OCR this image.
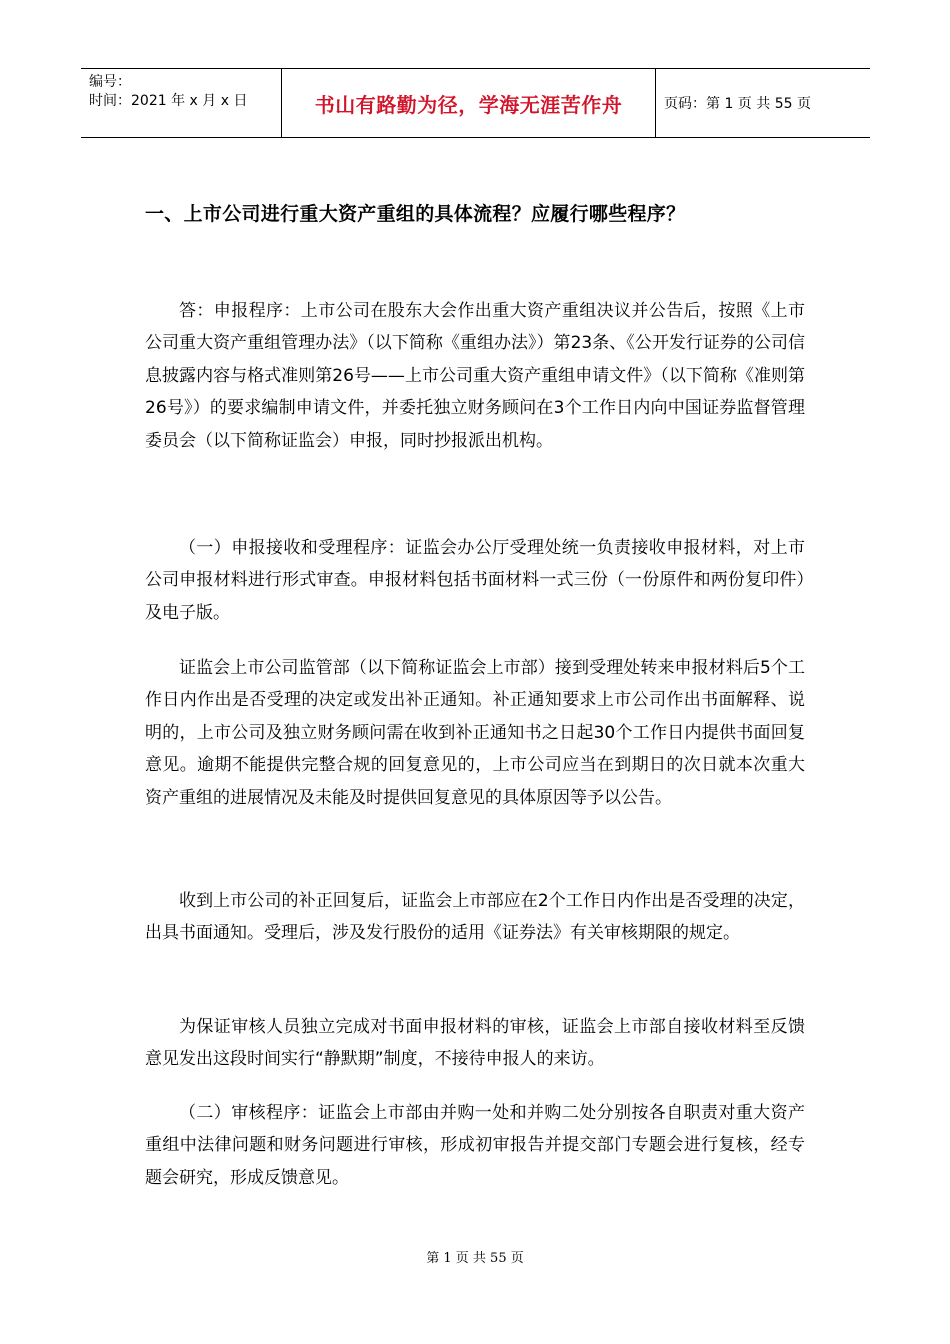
编号：
时间：2021 年 x 月 x 日	书山有路勤为径，学海无涯苦作舟	页码：第 1 页 共 55 页
一、上市公司进行重大资产重组的具体流程？应履行哪些程序？

答：申报程序：上市公司在股东大会作出重大资产重组决议并公告后，按照《上市公司重大资产重组管理办法》（以下简称《重组办法》）第23条、《公开发行证券的公司信息披露内容与格式准则第26号——上市公司重大资产重组申请文件》（以下简称《准则第26号》）的要求编制申请文件，并委托独立财务顾问在3个工作日内向中国证券监督管理委员会（以下简称证监会）申报，同时抄报派出机构。

（一）申报接收和受理程序：证监会办公厅受理处统一负责接收申报材料，对上市公司申报材料进行形式审查。申报材料包括书面材料一式三份（一份原件和两份复印件）及电子版。

证监会上市公司监管部（以下简称证监会上市部）接到受理处转来申报材料后5个工作日内作出是否受理的决定或发出补正通知。补正通知要求上市公司作出书面解释、说明的，上市公司及独立财务顾问需在收到补正通知书之日起30个工作日内提供书面回复意见。逾期不能提供完整合规的回复意见的，上市公司应当在到期日的次日就本次重大资产重组的进展情况及未能及时提供回复意见的具体原因等予以公告。

收到上市公司的补正回复后，证监会上市部应在2个工作日内作出是否受理的决定，出具书面通知。受理后，涉及发行股份的适用《证券法》有关审核期限的规定。

为保证审核人员独立完成对书面申报材料的审核，证监会上市部自接收材料至反馈意见发出这段时间实行“静默期”制度，不接待申报人的来访。

（二）审核程序：证监会上市部由并购一处和并购二处分别按各自职责对重大资产重组中法律问题和财务问题进行审核，形成初审报告并提交部门专题会进行复核，经专题会研究，形成反馈意见。

第 1 页 共 55 页
